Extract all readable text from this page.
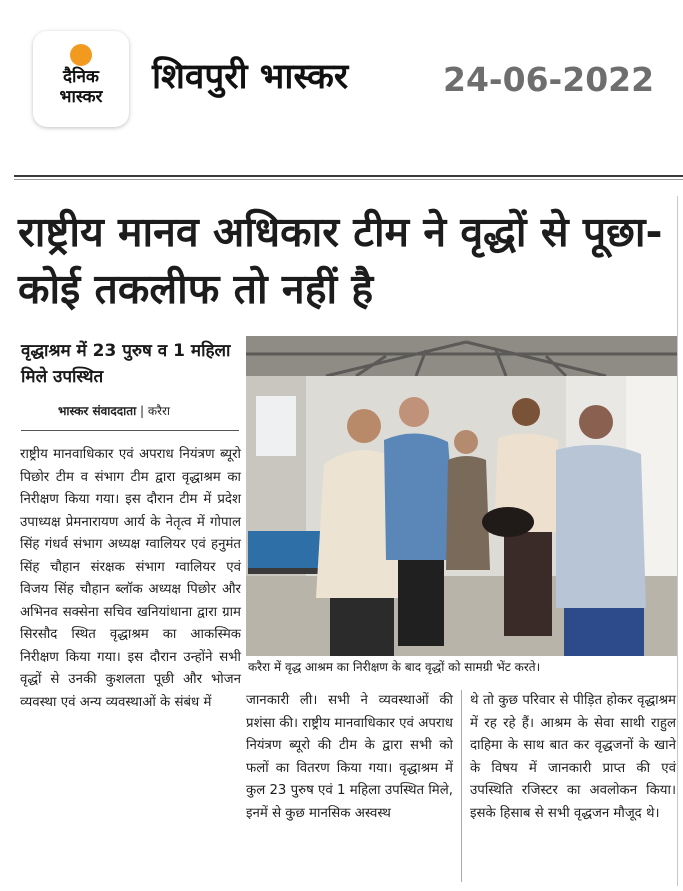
दैनिक
भास्कर	शिवपुरी भास्कर	24-06-2022
राष्ट्रीय मानव अधिकार टीम ने वृद्धों से पूछा- कोई तकलीफ तो नहीं है
वृद्धाश्रम में 23 पुरुष व 1 महिला मिले उपस्थित
भास्कर संवाददाता | करैरा
राष्ट्रीय मानवाधिकार एवं अपराध नियंत्रण ब्यूरो पिछोर टीम व संभाग टीम द्वारा वृद्धाश्रम का निरीक्षण किया गया। इस दौरान टीम में प्रदेश उपाध्यक्ष प्रेमनारायण आर्य के नेतृत्व में गोपाल सिंह गंधर्व संभाग अध्यक्ष ग्वालियर एवं हनुमंत सिंह चौहान संरक्षक संभाग ग्वालियर एवं विजय सिंह चौहान ब्लॉक अध्यक्ष पिछोर और अभिनव सक्सेना सचिव खनियांधाना द्वारा ग्राम सिरसौद स्थित वृद्धाश्रम का आकस्मिक निरीक्षण किया गया। इस दौरान उन्होंने सभी वृद्धों से उनकी कुशलता पूछी और भोजन व्यवस्था एवं अन्य व्यवस्थाओं के संबंध में
करैरा में वृद्ध आश्रम का निरीक्षण के बाद वृद्धों को सामग्री भेंट करते।
जानकारी ली। सभी ने व्यवस्थाओं की प्रशंसा की। राष्ट्रीय मानवाधिकार एवं अपराध नियंत्रण ब्यूरो की टीम के द्वारा सभी को फलों का वितरण किया गया। वृद्धाश्रम में कुल 23 पुरुष एवं 1 महिला उपस्थित मिले, इनमें से कुछ मानसिक अस्वस्थ
थे तो कुछ परिवार से पीड़ित होकर वृद्धाश्रम में रह रहे हैं। आश्रम के सेवा साथी राहुल दाहिमा के साथ बात कर वृद्धजनों के खाने के विषय में जानकारी प्राप्त की एवं उपस्थिति रजिस्टर का अवलोकन किया। इसके हिसाब से सभी वृद्धजन मौजूद थे।
